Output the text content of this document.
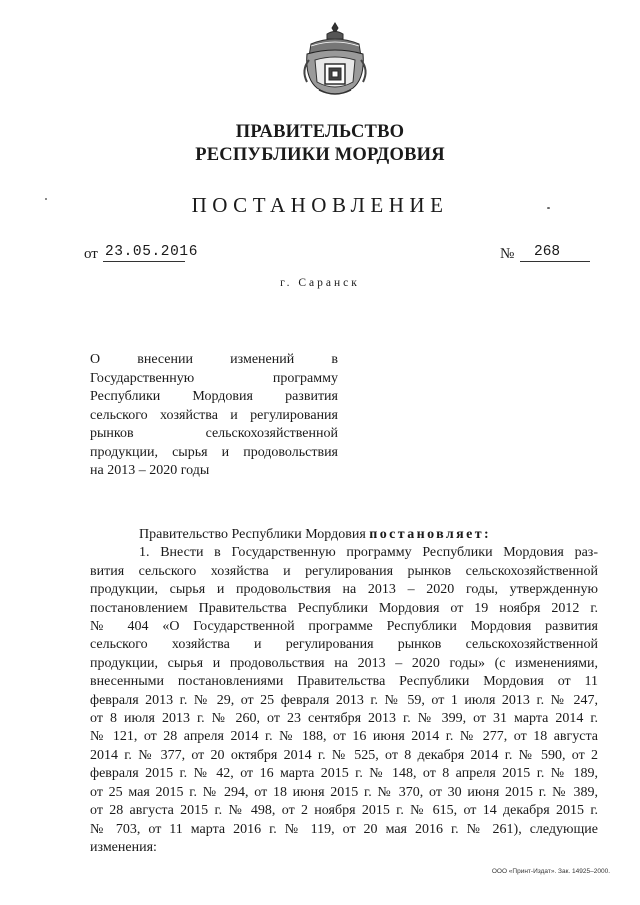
ПРАВИТЕЛЬСТВО
РЕСПУБЛИКИ МОРДОВИЯ
ПОСТАНОВЛЕНИЕ
от 23.05.2016	№	268
г. Саранск
О внесении изменений в
Государственную программу
Республики Мордовия развития
сельского хозяйства и регулирования
рынков сельскохозяйственной
продукции, сырья и продовольствия
на 2013 – 2020 годы
Правительство Республики Мордовия постановляет:
1. Внести в Государственную программу Республики Мордовия раз-
вития сельского хозяйства и регулирования рынков сельскохозяйственной
продукции, сырья и продовольствия на 2013 – 2020 годы, утвержденную
постановлением Правительства Республики Мордовия от 19 ноября 2012 г.
№ 404 «О Государственной программе Республики Мордовия развития
сельского хозяйства и регулирования рынков сельскохозяйственной
продукции, сырья и продовольствия на 2013 – 2020 годы» (с изменениями,
внесенными постановлениями Правительства Республики Мордовия от 11
февраля 2013 г. № 29, от 25 февраля 2013 г. № 59, от 1 июля 2013 г. № 247,
от 8 июля 2013 г. № 260, от 23 сентября 2013 г. № 399, от 31 марта 2014 г.
№ 121, от 28 апреля 2014 г. № 188, от 16 июня 2014 г. № 277, от 18 августа
2014 г. № 377, от 20 октября 2014 г. № 525, от 8 декабря 2014 г. № 590, от 2
февраля 2015 г. № 42, от 16 марта 2015 г. № 148, от 8 апреля 2015 г. № 189,
от 25 мая 2015 г. № 294, от 18 июня 2015 г. № 370, от 30 июня 2015 г. № 389,
от 28 августа 2015 г. № 498, от 2 ноября 2015 г. № 615, от 14 декабря 2015 г.
№ 703, от 11 марта 2016 г. № 119, от 20 мая 2016 г. № 261), следующие
изменения:
ООО «Принт-Издат». Зак. 14925–2000.
